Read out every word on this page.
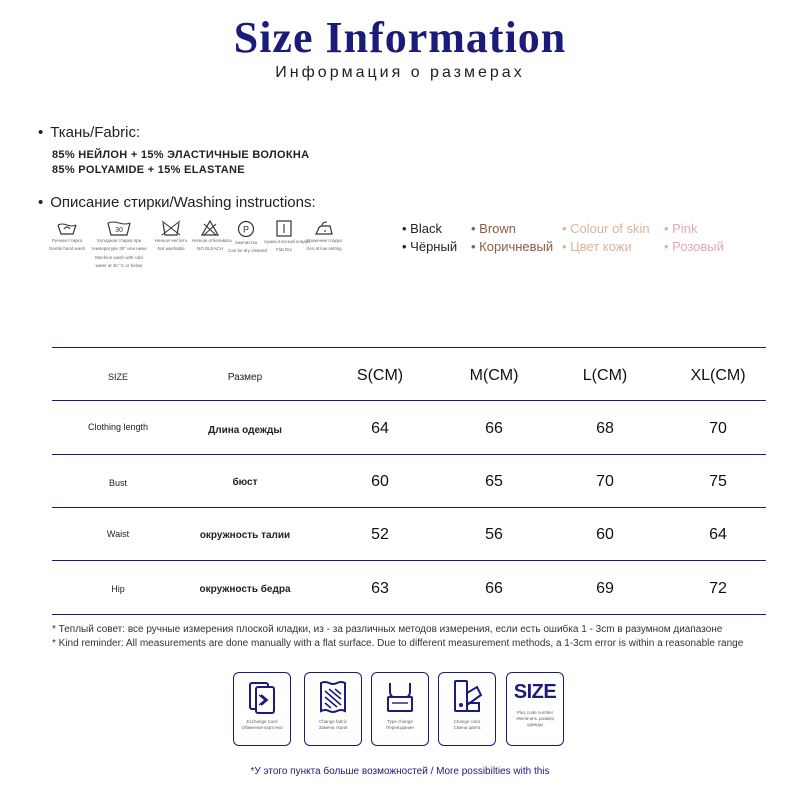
Size Information
Информация о размерах
• Ткань/Fabric:
85% НЕЙЛОН + 15% ЭЛАСТИЧНЫЕ ВОЛОКНА
85% POLYAMIDE + 15% ELASTANE
• Описание стирки/Washing instructions:
Ручная стирка
Gentle hand wash
30
Холодная стирка при
температуре 30° или ниже
Machine wash with cold
water at 30 °C or below
Нельзя чистить
Not washable
Нельзя отбеливать
NO BLEACH
P
Химчистка
Can be dry cleaned
сушка плоской кладки
Flat Dry
Утюжение гладко
Iron at low setting
• Black	• Brown	• Colour of skin	• Pink
• Чёрный	• Коричневый	• Цвет кожи	• Розовый
SIZE	Размер	S(CM)	M(CM)	L(CM)	XL(CM)
Clothing length	Длина одежды	64	66	68	70
Bust	бюст	60	65	70	75
Waist	окружность талии	52	56	60	64
Hip	окружность бедра	63	66	69	72
* Теплый совет: все ручные измерения плоской кладки, из - за различных методов измерения, если есть ошибка 1 - 3cm в разумном диапазоне
* Kind reminder: All measurements are done manually with a flat surface. Due to different measurement methods, a 1-3cm error is within a reasonable range
Exchange Card
Обменная карточка
Change fabric
Замена ткани
Type change
Переиздание
Change color
Смена цвета
SIZE
Plus code number
Увеличить размер
одежды
*У этого пункта больше возможностей / More possibilties with this
